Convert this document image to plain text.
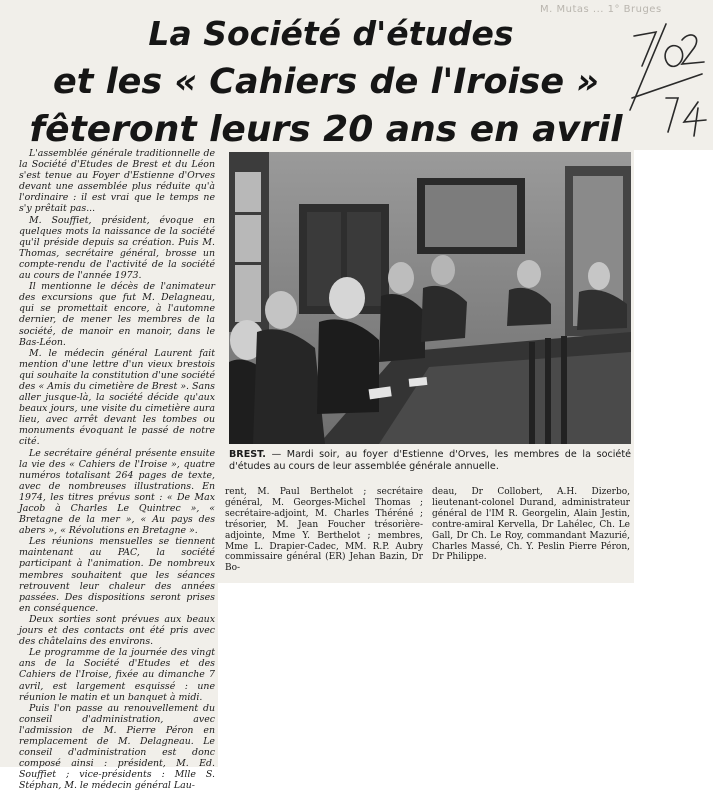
M. Mutas ... 1° Bruges
La Société d'études
et les « Cahiers de l'Iroise »
fêteront leurs 20 ans en avril

L'assemblée générale traditionnelle de la Société d'Etudes de Brest et du Léon s'est tenue au Foyer d'Estienne d'Orves devant une assemblée plus réduite qu'à l'ordinaire : il est vrai que le temps ne s'y prêtait pas...

M. Souffiet, président, évoque en quelques mots la naissance de la société qu'il préside depuis sa création. Puis M. Thomas, secrétaire général, brosse un compte-rendu de l'activité de la société au cours de l'année 1973.

Il mentionne le décès de l'animateur des excursions que fut M. Delagneau, qui se promettait encore, à l'automne dernier, de mener les membres de la société, de manoir en manoir, dans le Bas-Léon.

M. le médecin général Laurent fait mention d'une lettre d'un vieux brestois qui souhaite la constitution d'une société des « Amis du cimetière de Brest ». Sans aller jusque-là, la société décide qu'aux beaux jours, une visite du cimetière aura lieu, avec arrêt devant les tombes ou monuments évoquant le passé de notre cité.

Le secrétaire général présente ensuite la vie des « Cahiers de l'Iroise », quatre numéros totalisant 264 pages de texte, avec de nombreuses illustrations. En 1974, les titres prévus sont : « De Max Jacob à Charles Le Quintrec », « Bretagne de la mer », « Au pays des abers », « Révolutions en Bretagne ».

Les réunions mensuelles se tiennent maintenant au PAC, la société participant à l'animation. De nombreux membres souhaitent que les séances retrouvent leur chaleur des années passées. Des dispositions seront prises en conséquence.

Deux sorties sont prévues aux beaux jours et des contacts ont été pris avec des châtelains des environs.

Le programme de la journée des vingt ans de la Société d'Etudes et des Cahiers de l'Iroise, fixée au dimanche 7 avril, est largement esquissé : une réunion le matin et un banquet à midi.

Puis l'on passe au renouvellement du conseil d'administration, avec l'admission de M. Pierre Péron en remplacement de M. Delagneau. Le conseil d'administration est donc composé ainsi : président, M. Ed. Souffiet ; vice-présidents : Mlle S. Stéphan, M. le médecin général Lau-

BREST. — Mardi soir, au foyer d'Estienne d'Orves, les membres de la société d'études au cours de leur assemblée générale annuelle.

rent, M. Paul Berthelot ; secrétaire général, M. Georges-Michel Thomas ; secrétaire-adjoint, M. Charles Théréné ; trésorier, M. Jean Foucher trésorière-adjointe, Mme Y. Berthelot ; membres, Mme L. Drapier-Cadec, MM. R.P. Aubry commissaire général (ER) Jehan Bazin, Dr Bo-

deau, Dr Collobert, A.H. Dizerbo, lieutenant-colonel Durand, administrateur général de l'IM R. Georgelin, Alain Jestin, contre-amiral Kervella, Dr Lahélec, Ch. Le Gall, Dr Ch. Le Roy, commandant Mazurié, Charles Massé, Ch. Y. Peslin Pierre Péron, Dr Philippe.
